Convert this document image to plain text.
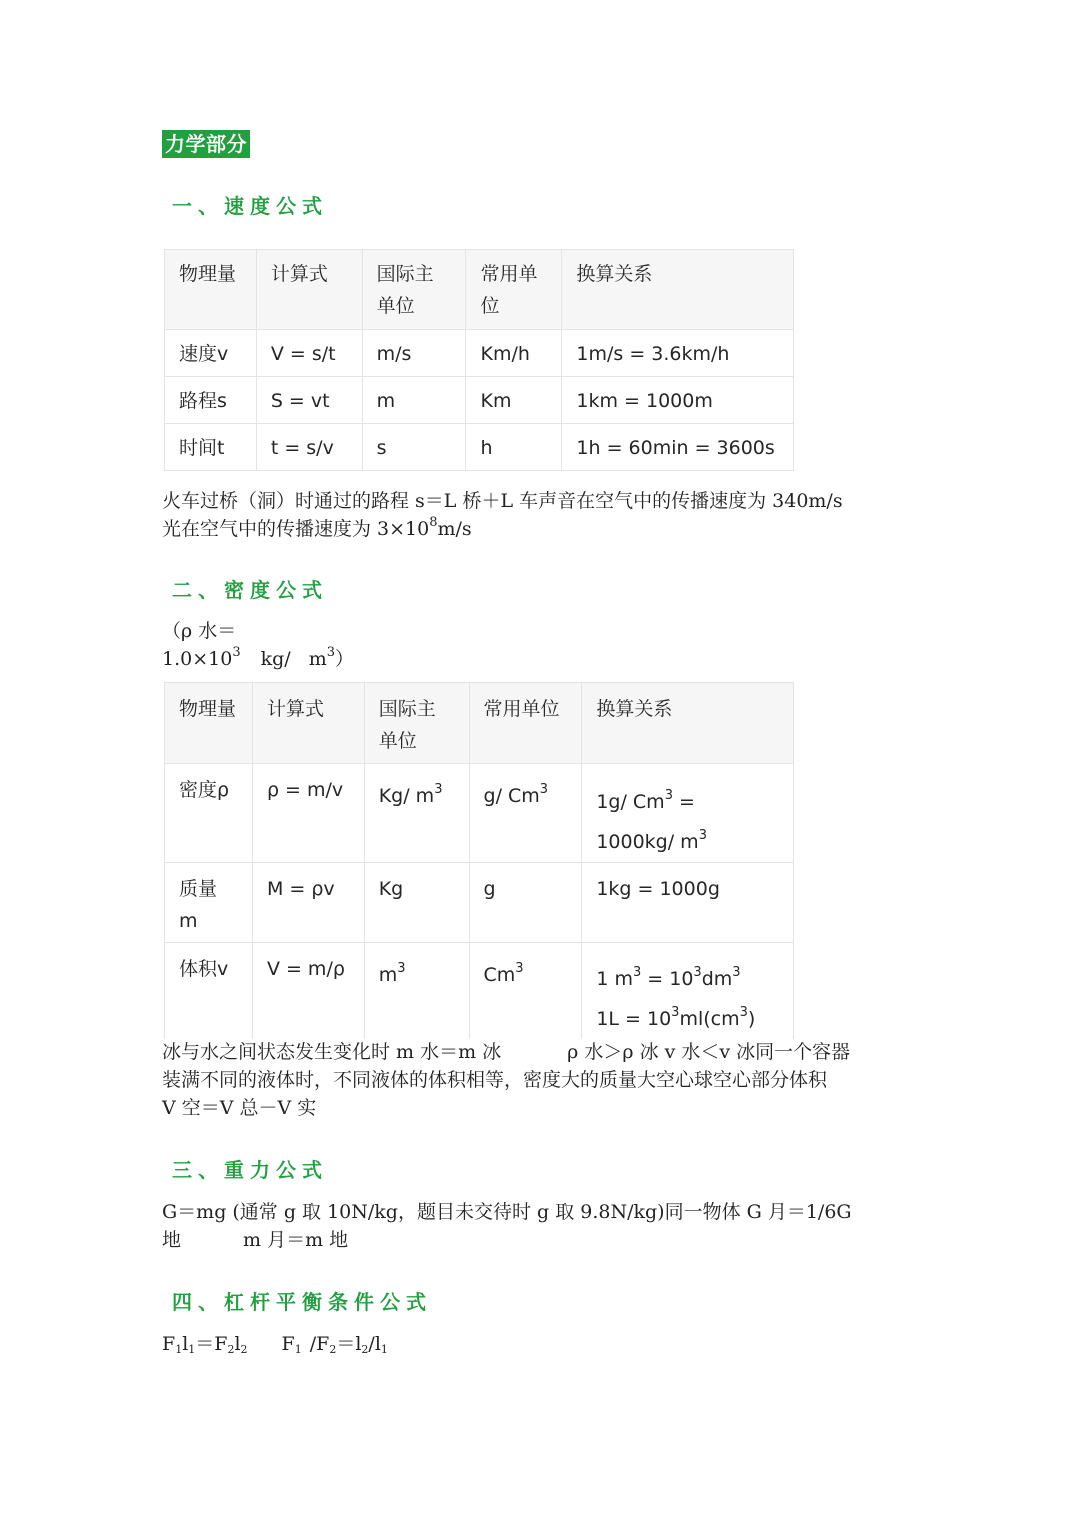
力学部分
一、速度公式
物理量	计算式	国际主单位	常用单位	换算关系
速度v	V = s/t	m/s	Km/h	1m/s = 3.6km/h
路程s	S = vt	m	Km	1km = 1000m
时间t	t = s/v	s	h	1h = 60min = 3600s

火车过桥（洞）时通过的路程 s＝L 桥＋L 车声音在空气中的传播速度为 340m/s

光在空气中的传播速度为 $3\times 10^8m/s$

二、密度公式

（ρ 水＝

$1.0\times 10^3$ kg/ $m^3$）

物理量	计算式	国际主单位	常用单位	换算关系
密度ρ	ρ = m/v	Kg/ $m^3$	g/ Cm$^3$	1g/ $Cm^3$ =
1000kg/ $m^3$

质量m	M = ρv	Kg	g	1kg = 1000g
体积v	V = m/ρ	$m^3$	Cm$^3$	1 $m^3 = 10^3dm^3$
$1L = 10^3ml(cm^3)$

冰与水之间状态发生变化时 m 水＝m 冰	ρ 水＞ρ 冰 v 水＜v 冰同一个容器

装满不同的液体时，不同液体的体积相等，密度大的质量大空心球空心部分体积

V 空＝V 总－V 实

三、重力公式

G＝mg (通常 g 取 10N/kg，题目未交待时 g 取 9.8N/kg)同一物体 G 月＝1/6G

地	m 月＝m 地

四、杠杆平衡条件公式

$F_1l_1=F_2l_2$ $F_1$ $/F_2=l_2/l_1$
